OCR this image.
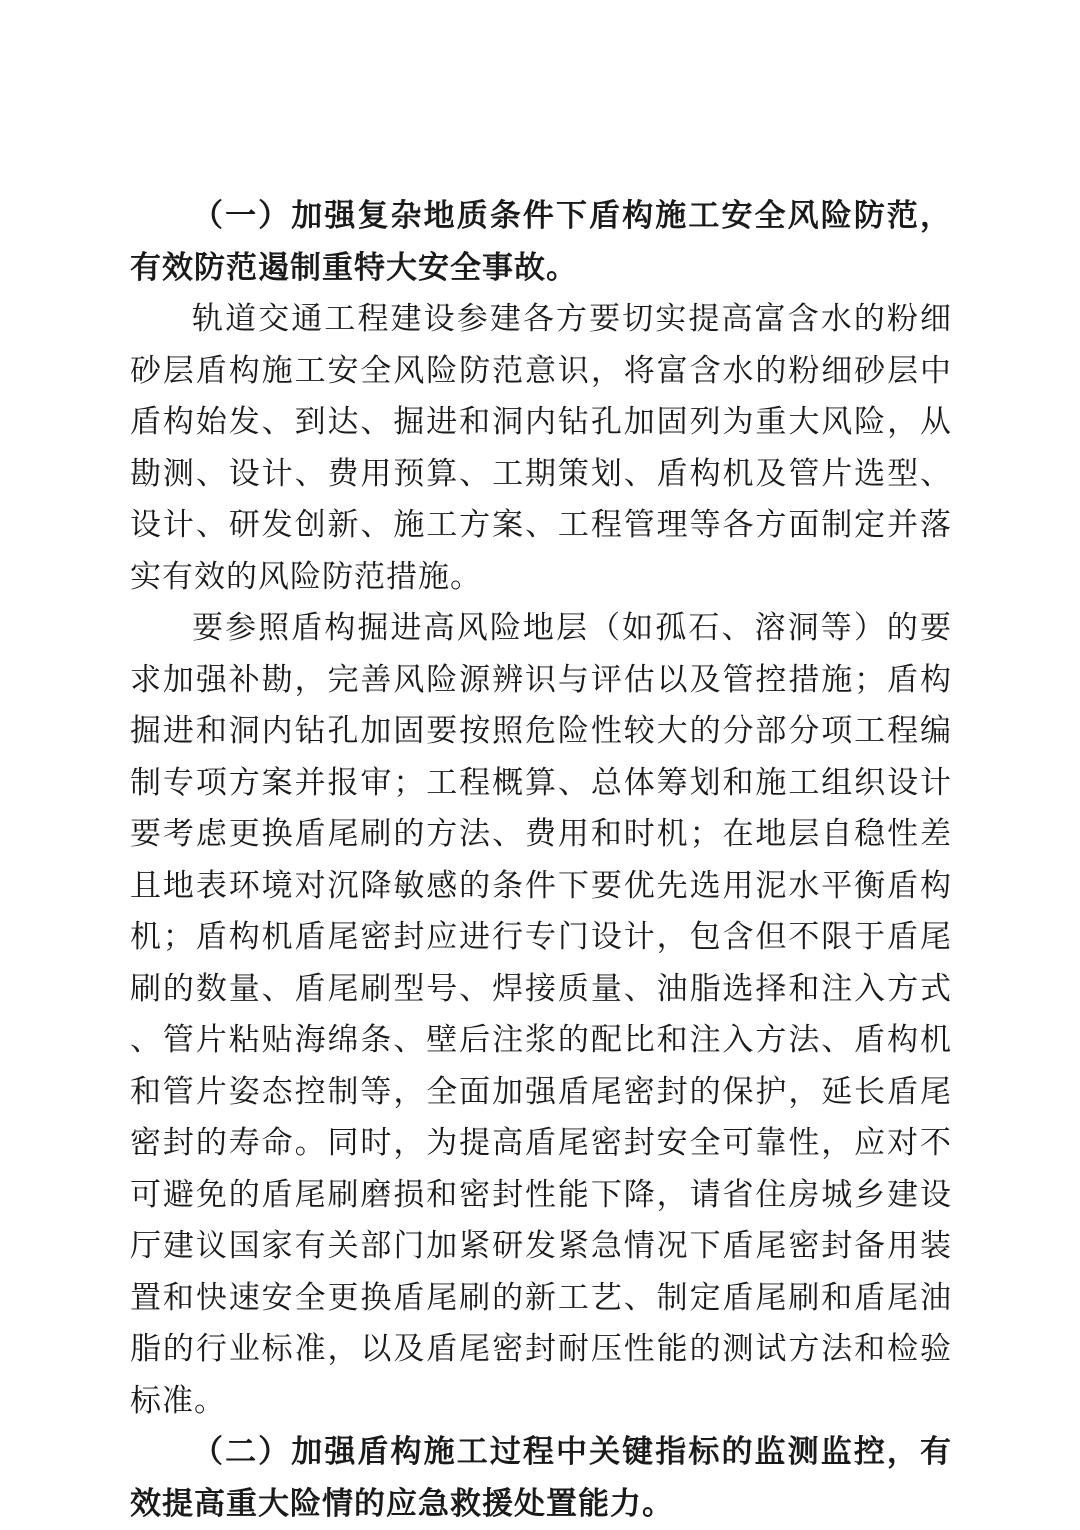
（一）加强复杂地质条件下盾构施工安全风险防范，有效防范遏制重特大安全事故。

轨道交通工程建设参建各方要切实提高富含水的粉细砂层盾构施工安全风险防范意识，将富含水的粉细砂层中盾构始发、到达、掘进和洞内钻孔加固列为重大风险，从勘测、设计、费用预算、工期策划、盾构机及管片选型、设计、研发创新、施工方案、工程管理等各方面制定并落实有效的风险防范措施。

要参照盾构掘进高风险地层（如孤石、溶洞等）的要求加强补勘，完善风险源辨识与评估以及管控措施；盾构掘进和洞内钻孔加固要按照危险性较大的分部分项工程编制专项方案并报审；工程概算、总体筹划和施工组织设计要考虑更换盾尾刷的方法、费用和时机；在地层自稳性差且地表环境对沉降敏感的条件下要优先选用泥水平衡盾构机；盾构机盾尾密封应进行专门设计，包含但不限于盾尾刷的数量、盾尾刷型号、焊接质量、油脂选择和注入方式、管片粘贴海绵条、壁后注浆的配比和注入方法、盾构机和管片姿态控制等，全面加强盾尾密封的保护，延长盾尾密封的寿命。同时，为提高盾尾密封安全可靠性，应对不可避免的盾尾刷磨损和密封性能下降，请省住房城乡建设厅建议国家有关部门加紧研发紧急情况下盾尾密封备用装置和快速安全更换盾尾刷的新工艺、制定盾尾刷和盾尾油脂的行业标准，以及盾尾密封耐压性能的测试方法和检验标准。

（二）加强盾构施工过程中关键指标的监测监控，有效提高重大险情的应急救援处置能力。
